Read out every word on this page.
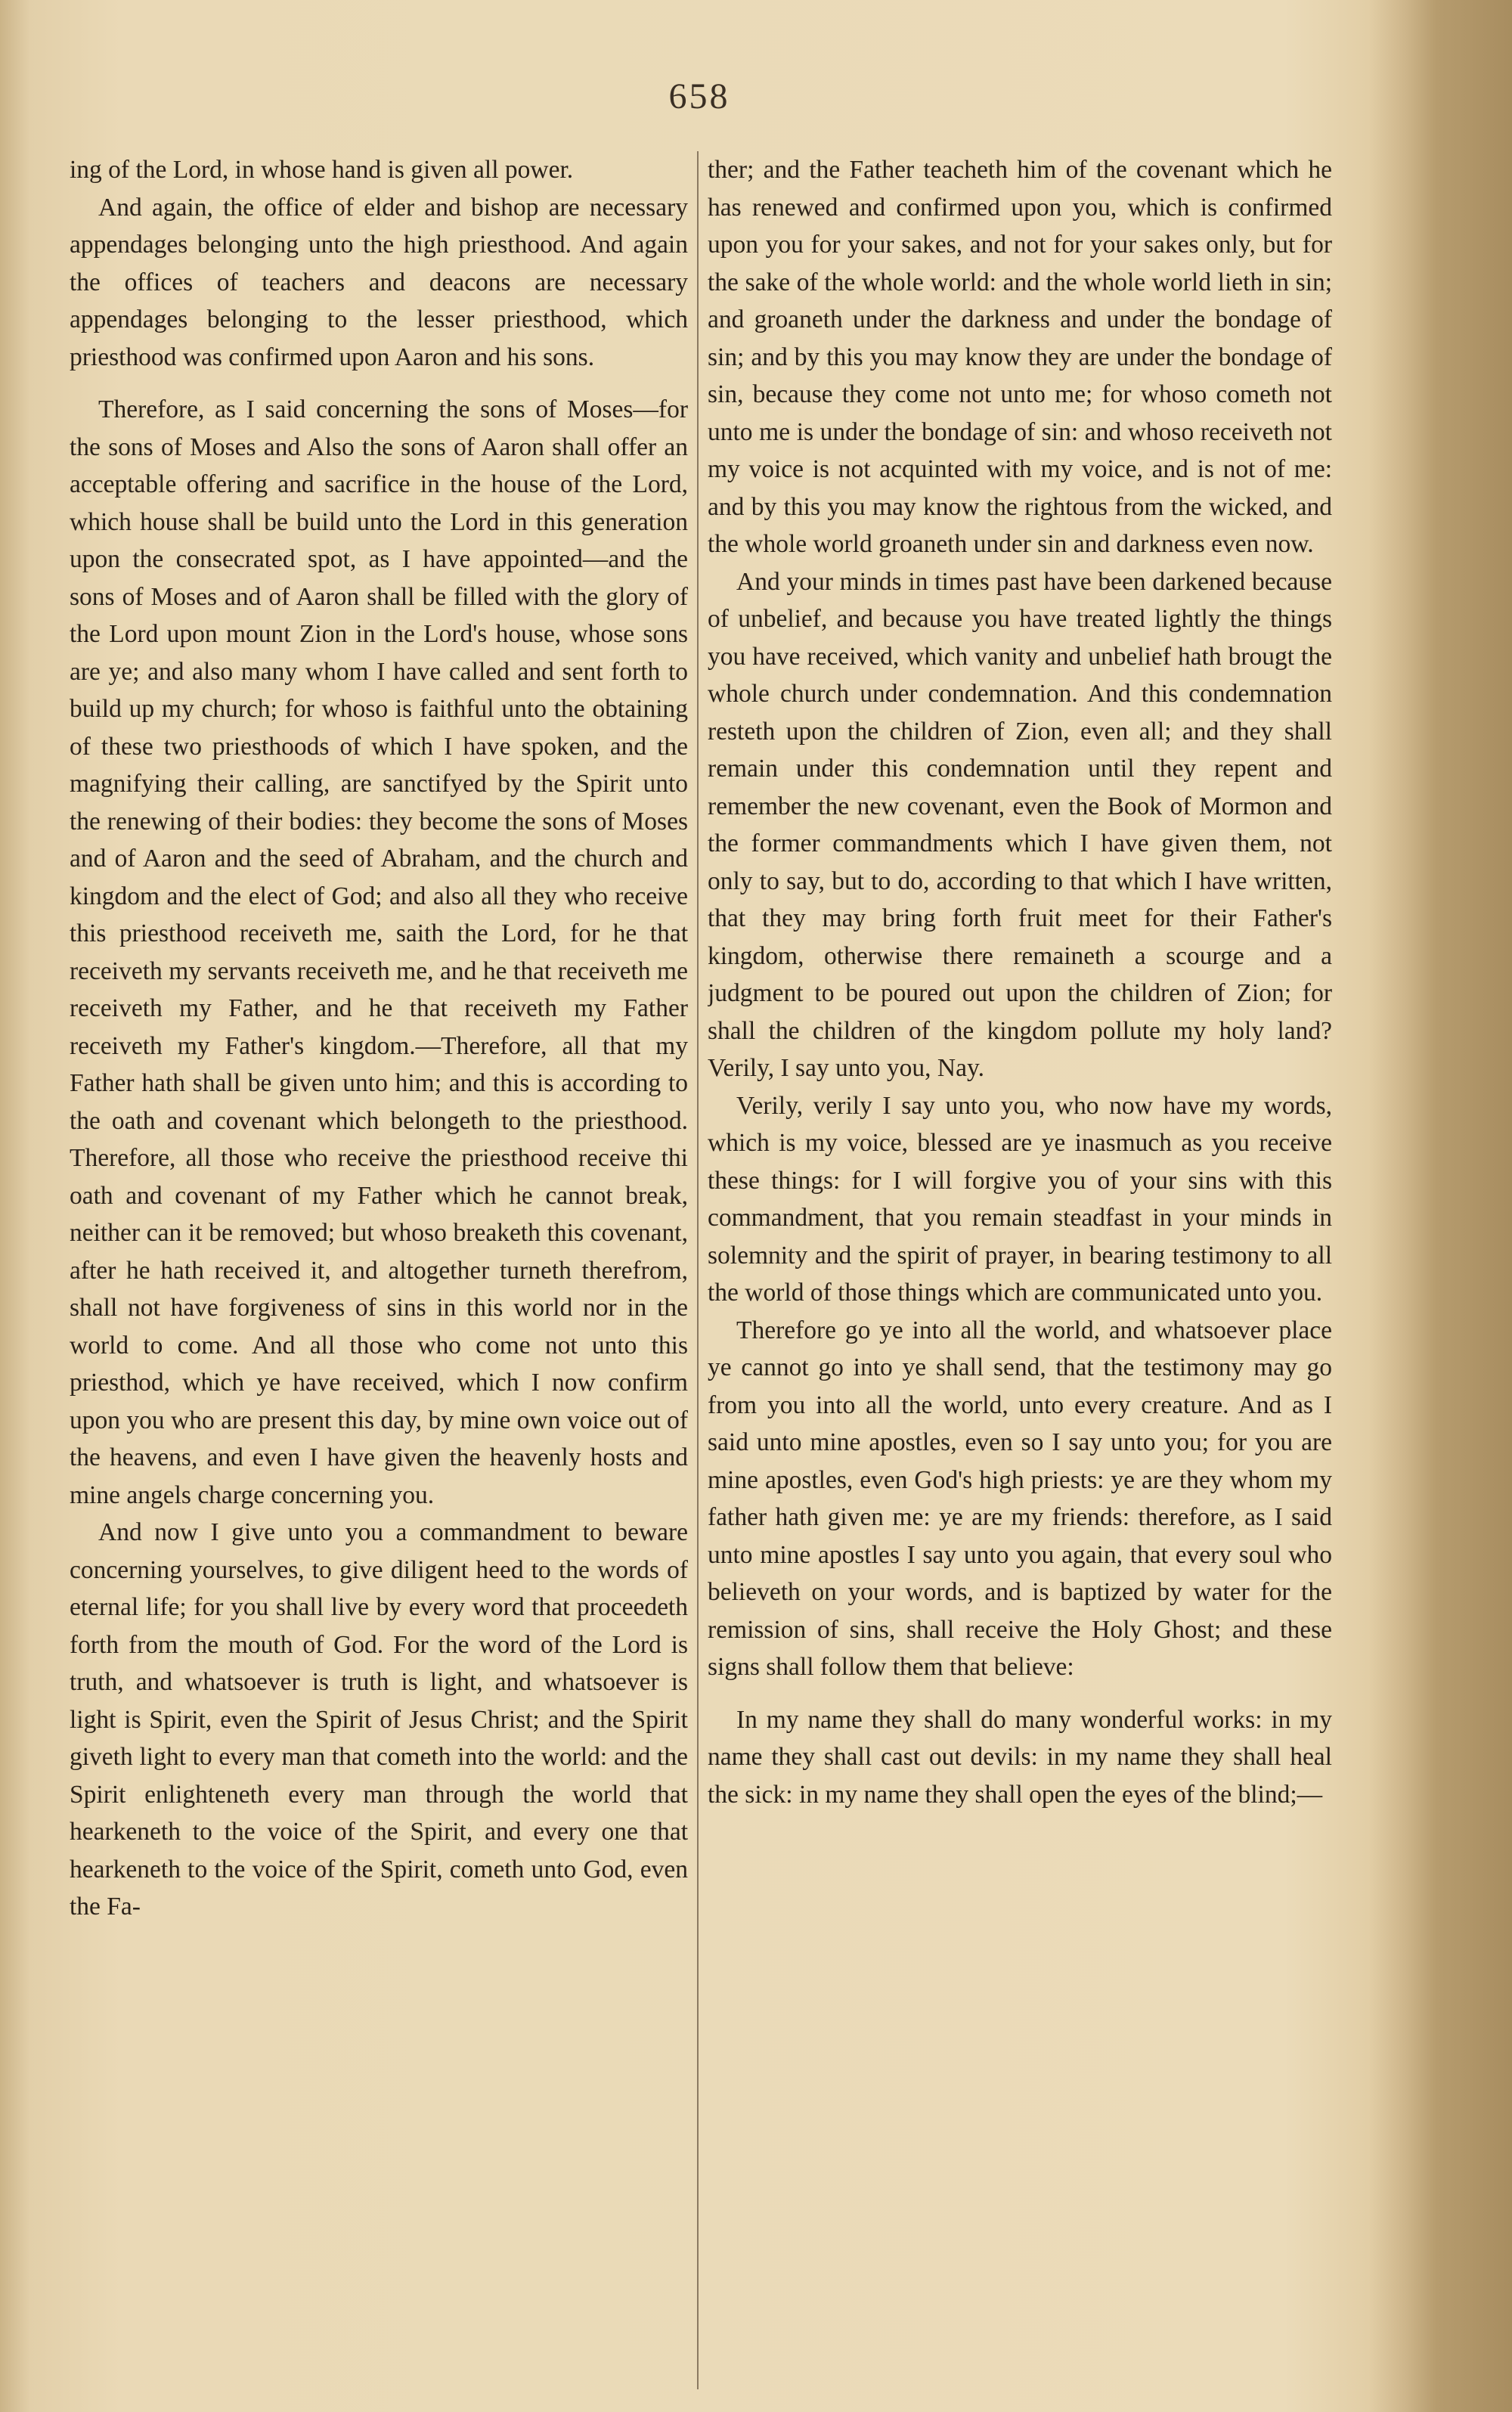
658

ing of the Lord, in whose hand is given all power.

And again, the office of elder and bishop are necessary appendages belonging unto the high priesthood. And again the offices of teachers and deacons are necessary appendages belonging to the lesser priesthood, which priesthood was confirmed upon Aaron and his sons.

Therefore, as I said concerning the sons of Moses—for the sons of Moses and Also the sons of Aaron shall offer an acceptable offering and sacrifice in the house of the Lord, which house shall be build unto the Lord in this generation upon the consecrated spot, as I have appointed—and the sons of Moses and of Aaron shall be filled with the glory of the Lord upon mount Zion in the Lord's house, whose sons are ye; and also many whom I have called and sent forth to build up my church; for whoso is faithful unto the obtaining of these two priesthoods of which I have spoken, and the magnifying their calling, are sanctifyed by the Spirit unto the renewing of their bodies: they become the sons of Moses and of Aaron and the seed of Abraham, and the church and kingdom and the elect of God; and also all they who receive this priesthood receiveth me, saith the Lord, for he that receiveth my servants receiveth me, and he that receiveth me receiveth my Father, and he that receiveth my Father receiveth my Father's kingdom.—Therefore, all that my Father hath shall be given unto him; and this is according to the oath and covenant which belongeth to the priesthood. Therefore, all those who receive the priesthood receive thi oath and covenant of my Father which he cannot break, neither can it be removed; but whoso breaketh this covenant, after he hath received it, and altogether turneth therefrom, shall not have forgiveness of sins in this world nor in the world to come. And all those who come not unto this priesthod, which ye have received, which I now confirm upon you who are present this day, by mine own voice out of the heavens, and even I have given the heavenly hosts and mine angels charge concerning you.

And now I give unto you a commandment to beware concerning yourselves, to give diligent heed to the words of eternal life; for you shall live by every word that proceedeth forth from the mouth of God. For the word of the Lord is truth, and whatsoever is truth is light, and whatsoever is light is Spirit, even the Spirit of Jesus Christ; and the Spirit giveth light to every man that cometh into the world: and the Spirit enlighteneth every man through the world that hearkeneth to the voice of the Spirit, and every one that hearkeneth to the voice of the Spirit, cometh unto God, even the Fa-

ther; and the Father teacheth him of the covenant which he has renewed and confirmed upon you, which is confirmed upon you for your sakes, and not for your sakes only, but for the sake of the whole world: and the whole world lieth in sin; and groaneth under the darkness and under the bondage of sin; and by this you may know they are under the bondage of sin, because they come not unto me; for whoso cometh not unto me is under the bondage of sin: and whoso receiveth not my voice is not acquinted with my voice, and is not of me: and by this you may know the rightous from the wicked, and the whole world groaneth under sin and darkness even now.

And your minds in times past have been darkened because of unbelief, and because you have treated lightly the things you have received, which vanity and unbelief hath brougt the whole church under condemnation. And this condemnation resteth upon the children of Zion, even all; and they shall remain under this condemnation until they repent and remember the new covenant, even the Book of Mormon and the former commandments which I have given them, not only to say, but to do, according to that which I have written, that they may bring forth fruit meet for their Father's kingdom, otherwise there remaineth a scourge and a judgment to be poured out upon the children of Zion; for shall the children of the kingdom pollute my holy land? Verily, I say unto you, Nay.

Verily, verily I say unto you, who now have my words, which is my voice, blessed are ye inasmuch as you receive these things: for I will forgive you of your sins with this commandment, that you remain steadfast in your minds in solemnity and the spirit of prayer, in bearing testimony to all the world of those things which are communicated unto you.

Therefore go ye into all the world, and whatsoever place ye cannot go into ye shall send, that the testimony may go from you into all the world, unto every creature. And as I said unto mine apostles, even so I say unto you; for you are mine apostles, even God's high priests: ye are they whom my father hath given me: ye are my friends: therefore, as I said unto mine apostles I say unto you again, that every soul who believeth on your words, and is baptized by water for the remission of sins, shall receive the Holy Ghost; and these signs shall follow them that believe:

In my name they shall do many wonderful works: in my name they shall cast out devils: in my name they shall heal the sick: in my name they shall open the eyes of the blind;—
